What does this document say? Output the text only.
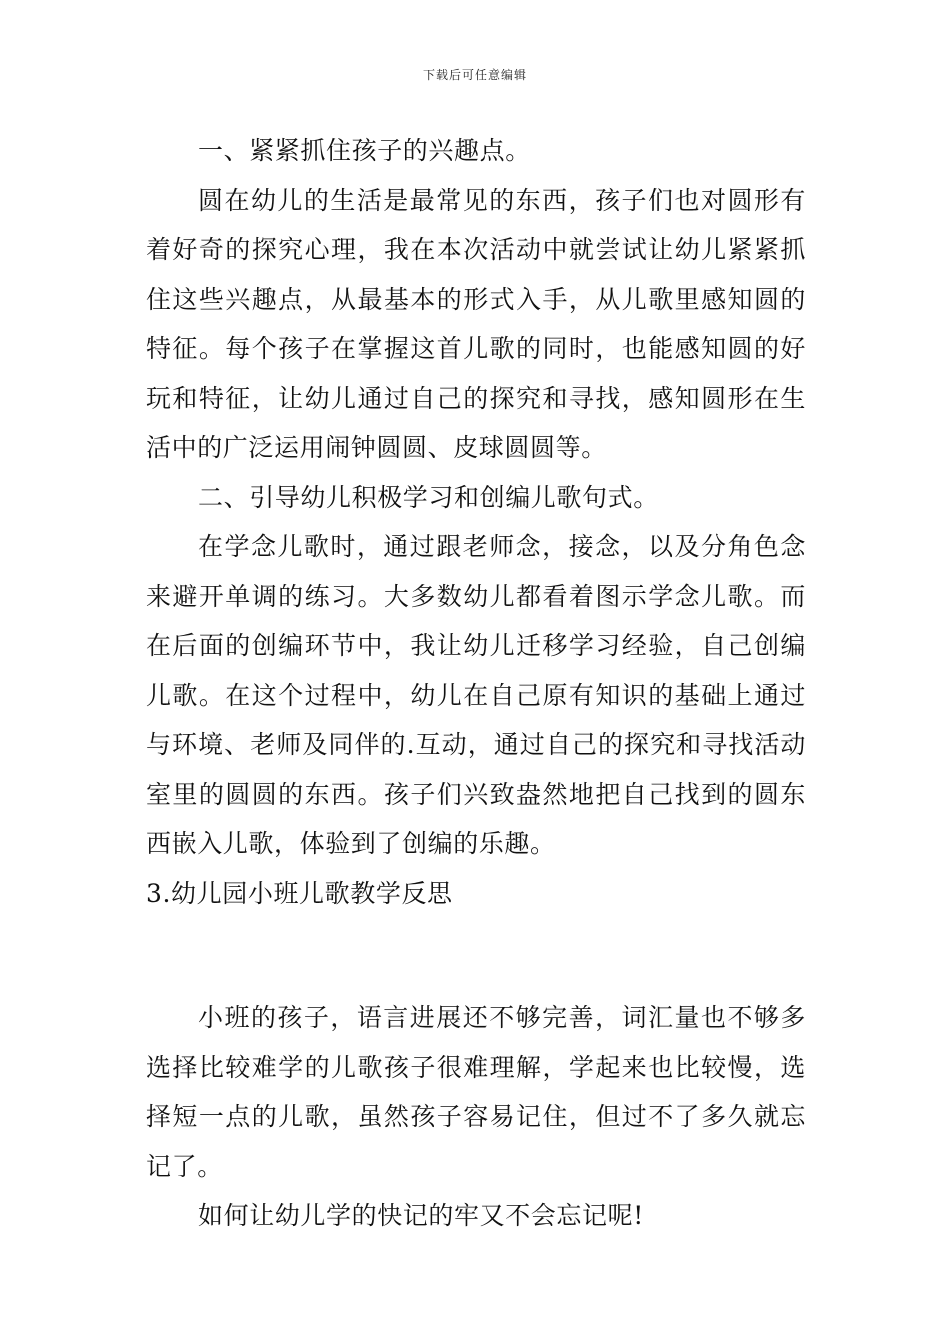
下载后可任意编辑

一、紧紧抓住孩子的兴趣点。

圆在幼儿的生活是最常见的东西，孩子们也对圆形有着好奇的探究心理，我在本次活动中就尝试让幼儿紧紧抓住这些兴趣点，从最基本的形式入手，从儿歌里感知圆的特征。每个孩子在掌握这首儿歌的同时，也能感知圆的好玩和特征，让幼儿通过自己的探究和寻找，感知圆形在生活中的广泛运用闹钟圆圆、皮球圆圆等。

二、引导幼儿积极学习和创编儿歌句式。

在学念儿歌时，通过跟老师念，接念，以及分角色念来避开单调的练习。大多数幼儿都看着图示学念儿歌。而在后面的创编环节中，我让幼儿迁移学习经验，自己创编儿歌。在这个过程中，幼儿在自己原有知识的基础上通过与环境、老师及同伴的.互动，通过自己的探究和寻找活动室里的圆圆的东西。孩子们兴致盎然地把自己找到的圆东西嵌入儿歌，体验到了创编的乐趣。

3.幼儿园小班儿歌教学反思

小班的孩子，语言进展还不够完善，词汇量也不够多选择比较难学的儿歌孩子很难理解，学起来也比较慢，选择短一点的儿歌，虽然孩子容易记住，但过不了多久就忘记了。

如何让幼儿学的快记的牢又不会忘记呢!
